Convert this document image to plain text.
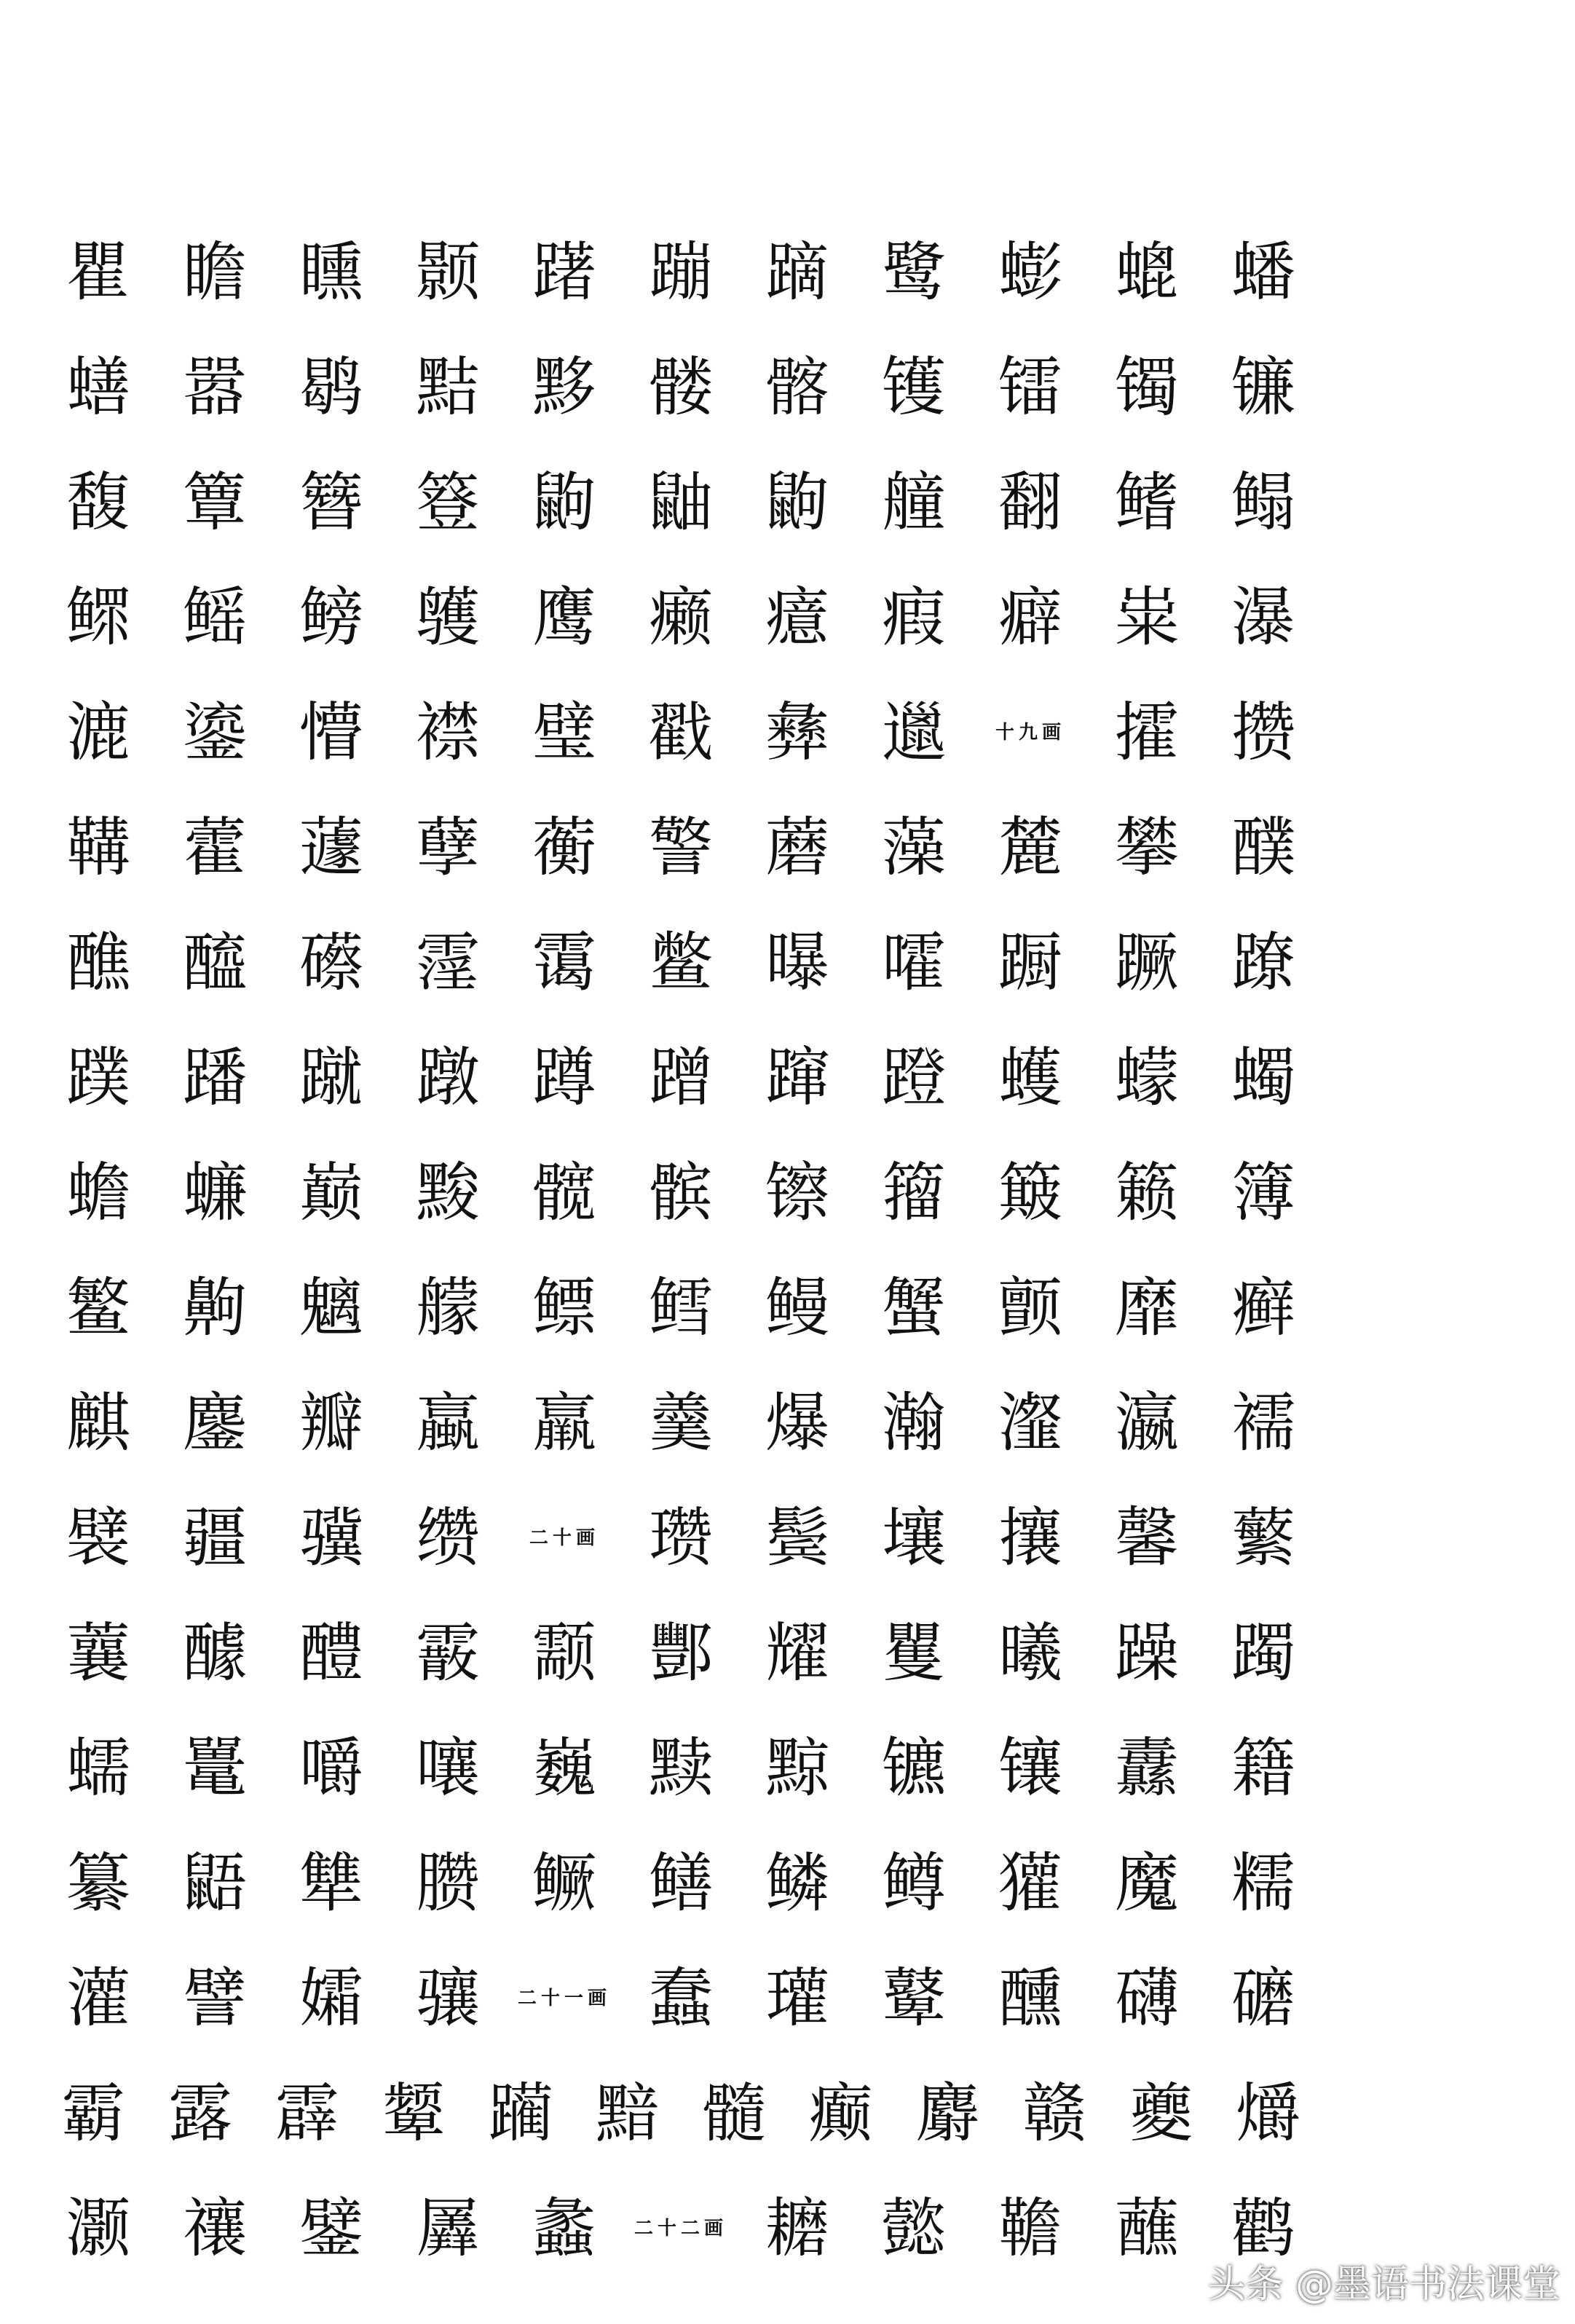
瞿 瞻 矄 颢 躇 蹦 蹢 鹭 蟛 螕 蟠
蟮 嚣 鹖 黠 黟 髅 髂 镬 镭 镯 镰
馥 簟 簪 簦 鼩 鼬 鼩 艟 翻 鳍 鳎
鳏 鳐 鳑 鹱 鹰 癞 癔 瘕 癖 粜 瀑
漉 鎏 懵 襟 璧 戳 彝 邋	十九画 攉 攒
鞲 藿 蘧 孽 蘅 警 蘑 藻 麓 攀 醭
醮 醯 礤 霪 霭 鳖 曝 嚯 蹰 蹶 蹽
蹼 蹯 蹴 蹾 蹲 蹭 蹿 蹬 蠖 蠓 蠋
蟾 蠊 巅 黢 髋 髌 镲 籀 簸 籁 簿
鳘 齁 魑 艨 鳔 鳕 鳗 蟹 颤 靡 癣
麒 鏖 瓣 蠃 羸 羹 爆 瀚 瀣 瀛 襦
襞 疆 骥 缵	二十画 瓒 鬓 壤 攘 馨 蘩
蘘 醵 醴 霰 颥 酆 耀 矍 曦 躁 躅
蠕 鼍 嚼 嚷 巍 黩 黥 镳 镶 纛 籍
纂 鼯 犨 臜 鳜 鳝 鳞 鳟 獾 魔 糯
灌 譬 孀 骧	二十一画 蠢 瓘 鼙 醺 礴 礳
霸 露 霹 颦 躏 黯 髓 癫 麝 赣 夔 爝
灏 禳 鐾 羼 蠡	二十二画 耱 懿 韂 蘸 鹳
头条 @墨语书法课堂
